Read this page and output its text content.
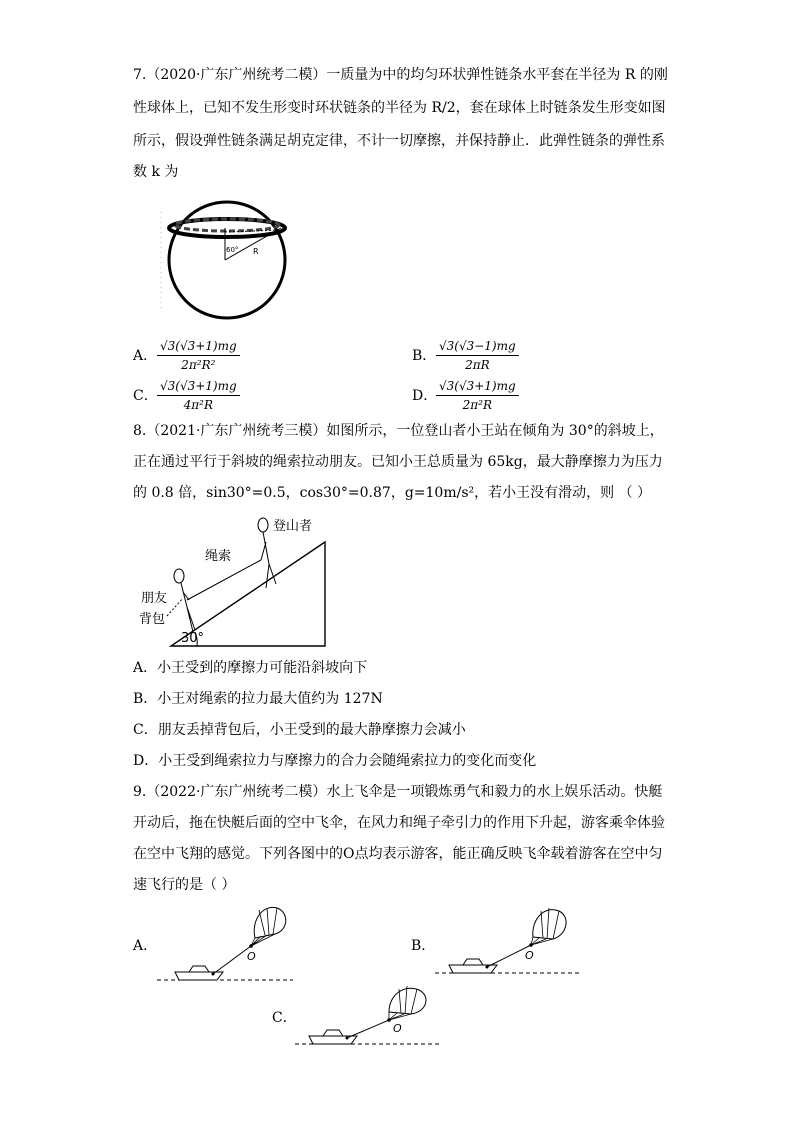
7.（2020·广东广州统考二模）一质量为中的均匀环状弹性链条水平套在半径为 R 的刚
性球体上，已知不发生形变时环状链条的半径为 R/2，套在球体上时链条发生形变如图
所示，假设弹性链条满足胡克定律，不计一切摩擦，并保持静止．此弹性链条的弹性系
数 k 为
60° R
A． $\frac{√3(√3+1)mg}{\text{2π²R²}}$	B． $\frac{√3(√3-1)mg}{2\pi R}$
C． $\frac{√3(√3+1)mg}{\text{4π²R}}$	D．
$\frac{√3(√3+1)mg}{\text{2π²R}}$
8.（2021·广东广州统考三模）如图所示，一位登山者小王站在倾角为 30°的斜坡上，
正在通过平行于斜坡的绳索拉动朋友。已知小王总质量为 65kg，最大静摩擦力为压力
的 0.8 倍，sin30°=0.5，cos30°=0.87，g=10m/s²，若小王没有滑动，则 （ ）
30°
登山者
绳索
朋友
背包
A．小王受到的摩擦力可能沿斜坡向下
B．小王对绳索的拉力最大值约为 127N
C．朋友丢掉背包后，小王受到的最大静摩擦力会减小
D．小王受到绳索拉力与摩擦力的合力会随绳索拉力的变化而变化
9.（2022·广东广州统考二模）水上飞伞是一项锻炼勇气和毅力的水上娱乐活动。快艇
开动后，拖在快艇后面的空中飞伞，在风力和绳子牵引力的作用下升起，游客乘伞体验
在空中飞翔的感觉。下列各图中的O点均表示游客，能正确反映飞伞载着游客在空中匀
速飞行的是（ ）
A．
O
B．
O
C．
O
